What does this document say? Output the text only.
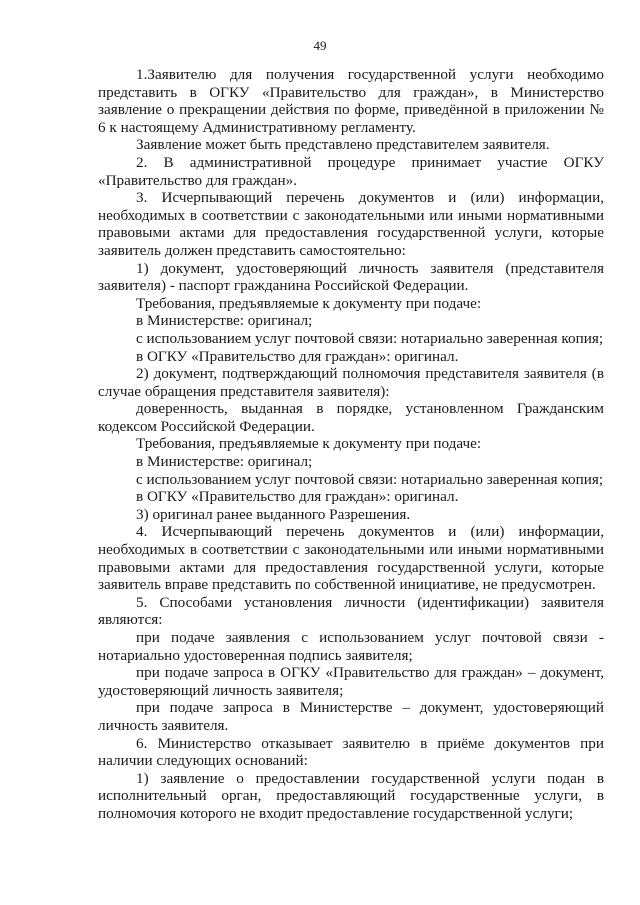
49

1.Заявителю для получения государственной услуги необходимо представить в ОГКУ «Правительство для граждан», в Министерство заявление о прекращении действия по форме, приведённой в приложении № 6 к настоящему Административному регламенту.

Заявление может быть представлено представителем заявителя.

2. В административной процедуре принимает участие ОГКУ «Правительство для граждан».

3. Исчерпывающий перечень документов и (или) информации, необходимых в соответствии с законодательными или иными нормативными правовыми актами для предоставления государственной услуги, которые заявитель должен представить самостоятельно:

1) документ, удостоверяющий личность заявителя (представителя заявителя) - паспорт гражданина Российской Федерации.

Требования, предъявляемые к документу при подаче:

в Министерстве: оригинал;

с использованием услуг почтовой связи: нотариально заверенная копия;

в ОГКУ «Правительство для граждан»: оригинал.

2) документ, подтверждающий полномочия представителя заявителя (в случае обращения представителя заявителя):

доверенность, выданная в порядке, установленном Гражданским кодексом Российской Федерации.

Требования, предъявляемые к документу при подаче:

в Министерстве: оригинал;

с использованием услуг почтовой связи: нотариально заверенная копия;

в ОГКУ «Правительство для граждан»: оригинал.

3) оригинал ранее выданного Разрешения.

4. Исчерпывающий перечень документов и (или) информации, необходимых в соответствии с законодательными или иными нормативными правовыми актами для предоставления государственной услуги, которые заявитель вправе представить по собственной инициативе, не предусмотрен.

5. Способами установления личности (идентификации) заявителя являются:

при подаче заявления с использованием услуг почтовой связи - нотариально удостоверенная подпись заявителя;

при подаче запроса в ОГКУ «Правительство для граждан» – документ, удостоверяющий личность заявителя;

при подаче запроса в Министерстве – документ, удостоверяющий личность заявителя.

6. Министерство отказывает заявителю в приёме документов при наличии следующих оснований:

1) заявление о предоставлении государственной услуги подан в исполнительный орган, предоставляющий государственные услуги, в полномочия которого не входит предоставление государственной услуги;
